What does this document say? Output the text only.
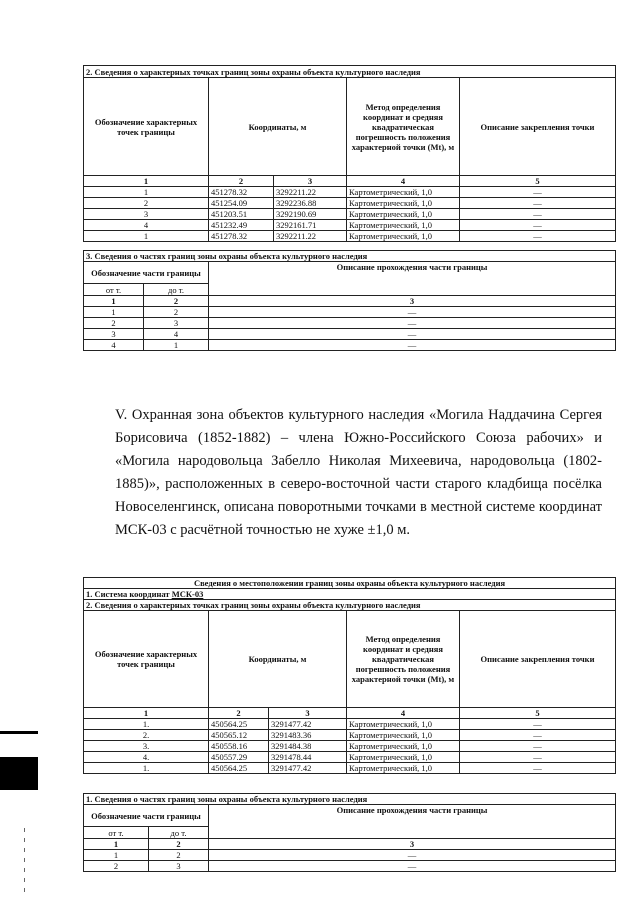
2. Сведения о характерных точках границ зоны охраны объекта культурного наследия				
Обозначение характерных точек границы	Координаты, м		Метод определения координат и средняя квадратическая погрешность положения характерной точки (Mt), м	Описание закрепления точки
1	2	3	4	5
1	451278.32	3292211.22	Картометрический, 1,0	—
2	451254.09	3292236.88	Картометрический, 1,0	—
3	451203.51	3292190.69	Картометрический, 1,0	—
4	451232.49	3292161.71	Картометрический, 1,0	—
1	451278.32	3292211.22	Картометрический, 1,0	—
3. Сведения о частях границ зоны охраны объекта культурного наследия		
Обозначение части границы		Описание прохождения части границы
от т.	до т.	
1	2	3
1	2	—
2	3	—
3	4	—
4	1	—
V. Охранная зона объектов культурного наследия «Могила Наддачина Сергея Борисовича (1852-1882) – члена Южно-Российского Союза рабочих» и «Могила народовольца Забелло Николая Михеевича, народовольца (1802-1885)», расположенных в северо-восточной части старого кладбища посёлка Новоселенгинск, описана поворотными точками в местной системе координат МСК-03 с расчётной точностью не хуже ±1,0 м.
Сведения о местоположении границ зоны охраны объекта культурного наследия				
1. Система координат МСК-03				
2. Сведения о характерных точках границ зоны охраны объекта культурного наследия				
Обозначение характерных точек границы	Координаты, м		Метод определения координат и средняя квадратическая погрешность положения характерной точки (Mt), м	Описание закрепления точки
1	2	3	4	5
1.	450564.25	3291477.42	Картометрический, 1,0	—
2.	450565.12	3291483.36	Картометрический, 1,0	—
3.	450558.16	3291484.38	Картометрический, 1,0	—
4.	450557.29	3291478.44	Картометрический, 1,0	—
1.	450564.25	3291477.42	Картометрический, 1,0	—
1. Сведения о частях границ зоны охраны объекта культурного наследия		
Обозначение части границы		Описание прохождения части границы
от т.	до т.	
1	2	3
1	2	—
2	3	—
